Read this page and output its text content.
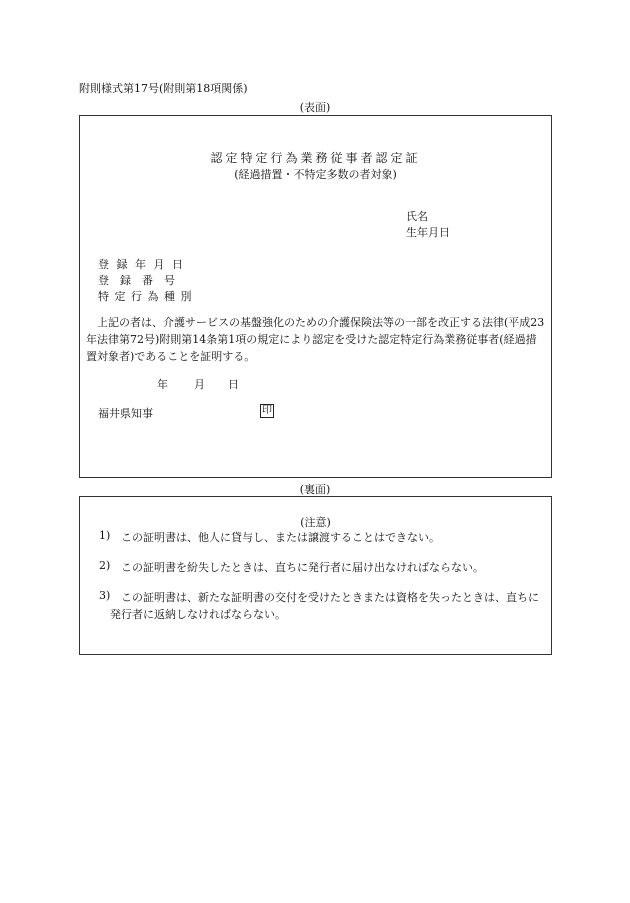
附則様式第17号(附則第18項関係)
(表面)
認定特定行為業務従事者認定証
(経過措置・不特定多数の者対象)
氏名
生年月日
登 録 年 月 日
登　録　番　号
特 定 行 為 種 別
上記の者は、介護サービスの基盤強化のための介護保険法等の一部を改正する法律(平成23年法律第72号)附則第14条第1項の規定により認定を受けた認定特定行為業務従事者(経過措置対象者)であることを証明する。
年 月 日
福井県知事	印
(裏面)
(注意)
1) この証明書は、他人に貸与し、または譲渡することはできない。
2) この証明書を紛失したときは、直ちに発行者に届け出なければならない。
3) この証明書は、新たな証明書の交付を受けたときまたは資格を失ったときは、直ちに発行者に返納しなければならない。
